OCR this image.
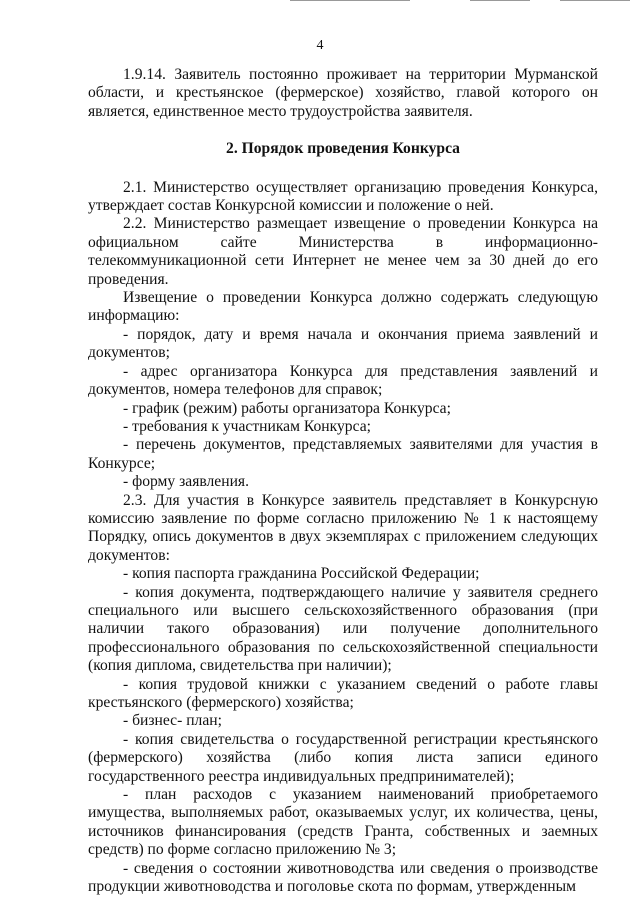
4

1.9.14. Заявитель постоянно проживает на территории Мурманской области, и крестьянское (фермерское) хозяйство, главой которого он является, единственное место трудоустройства заявителя.

2. Порядок проведения Конкурса

2.1. Министерство осуществляет организацию проведения Конкурса, утверждает состав Конкурсной комиссии и положение о ней.

2.2. Министерство размещает извещение о проведении Конкурса на официальном сайте Министерства в информационно-телекоммуникационной сети Интернет не менее чем за 30 дней до его проведения.

Извещение о проведении Конкурса должно содержать следующую информацию:

- порядок, дату и время начала и окончания приема заявлений и документов;

- адрес организатора Конкурса для представления заявлений и документов, номера телефонов для справок;

- график (режим) работы организатора Конкурса;

- требования к участникам Конкурса;

- перечень документов, представляемых заявителями для участия в Конкурсе;

- форму заявления.

2.3. Для участия в Конкурсе заявитель представляет в Конкурсную комиссию заявление по форме согласно приложению № 1 к настоящему Порядку, опись документов в двух экземплярах с приложением следующих документов:

- копия паспорта гражданина Российской Федерации;

- копия документа, подтверждающего наличие у заявителя среднего специального или высшего сельскохозяйственного образования (при наличии такого образования) или получение дополнительного профессионального образования по сельскохозяйственной специальности (копия диплома, свидетельства при наличии);

- копия трудовой книжки с указанием сведений о работе главы крестьянского (фермерского) хозяйства;

- бизнес- план;

- копия свидетельства о государственной регистрации крестьянского (фермерского) хозяйства (либо копия листа записи единого государственного реестра индивидуальных предпринимателей);

- план расходов с указанием наименований приобретаемого имущества, выполняемых работ, оказываемых услуг, их количества, цены, источников финансирования (средств Гранта, собственных и заемных средств) по форме согласно приложению № 3;

- сведения о состоянии животноводства или сведения о производстве продукции животноводства и поголовье скота по формам, утвержденным
